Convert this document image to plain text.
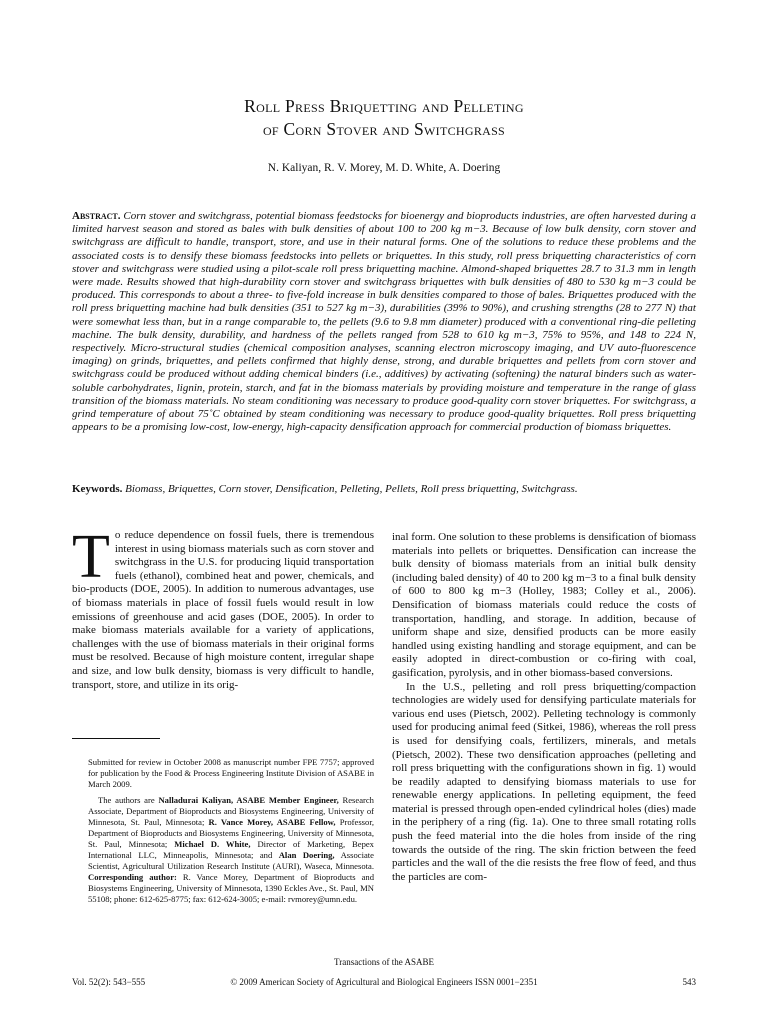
Roll Press Briquetting and Pelleting
of Corn Stover and Switchgrass
N. Kaliyan, R. V. Morey, M. D. White, A. Doering
Abstract. Corn stover and switchgrass, potential biomass feedstocks for bioenergy and bioproducts industries, are often harvested during a limited harvest season and stored as bales with bulk densities of about 100 to 200 kg m−3. Because of low bulk density, corn stover and switchgrass are difficult to handle, transport, store, and use in their natural forms. One of the solutions to reduce these problems and the associated costs is to densify these biomass feedstocks into pellets or briquettes. In this study, roll press briquetting characteristics of corn stover and switchgrass were studied using a pilot-scale roll press briquetting machine. Almond-shaped briquettes 28.7 to 31.3 mm in length were made. Results showed that high-durability corn stover and switchgrass briquettes with bulk densities of 480 to 530 kg m−3 could be produced. This corresponds to about a three- to five-fold increase in bulk densities compared to those of bales. Briquettes produced with the roll press briquetting machine had bulk densities (351 to 527 kg m−3), durabilities (39% to 90%), and crushing strengths (28 to 277 N) that were somewhat less than, but in a range comparable to, the pellets (9.6 to 9.8 mm diameter) produced with a conventional ring-die pelleting machine. The bulk density, durability, and hardness of the pellets ranged from 528 to 610 kg m−3, 75% to 95%, and 148 to 224 N, respectively. Micro-structural studies (chemical composition analyses, scanning electron microscopy imaging, and UV auto-fluorescence imaging) on grinds, briquettes, and pellets confirmed that highly dense, strong, and durable briquettes and pellets from corn stover and switchgrass could be produced without adding chemical binders (i.e., additives) by activating (softening) the natural binders such as water-soluble carbohydrates, lignin, protein, starch, and fat in the biomass materials by providing moisture and temperature in the range of glass transition of the biomass materials. No steam conditioning was necessary to produce good-quality corn stover briquettes. For switchgrass, a grind temperature of about 75˚C obtained by steam conditioning was necessary to produce good-quality briquettes. Roll press briquetting appears to be a promising low-cost, low-energy, high-capacity densification approach for commercial production of biomass briquettes.
Keywords. Biomass, Briquettes, Corn stover, Densification, Pelleting, Pellets, Roll press briquetting, Switchgrass.
T o reduce dependence on fossil fuels, there is tremendous interest in using biomass materials such as corn stover and switchgrass in the U.S. for producing liquid transportation fuels (ethanol), combined heat and power, chemicals, and bio-products (DOE, 2005). In addition to numerous advantages, use of biomass materials in place of fossil fuels would result in low emissions of greenhouse and acid gases (DOE, 2005). In order to make biomass materials available for a variety of applications, challenges with the use of biomass materials in their original forms must be resolved. Because of high moisture content, irregular shape and size, and low bulk density, biomass is very difficult to handle, transport, store, and utilize in its orig-

Submitted for review in October 2008 as manuscript number FPE 7757; approved for publication by the Food & Process Engineering Institute Division of ASABE in March 2009.
The authors are Nalladurai Kaliyan, ASABE Member Engineer, Research Associate, Department of Bioproducts and Biosystems Engineering, University of Minnesota, St. Paul, Minnesota; R. Vance Morey, ASABE Fellow, Professor, Department of Bioproducts and Biosystems Engineering, University of Minnesota, St. Paul, Minnesota; Michael D. White, Director of Marketing, Bepex International LLC, Minneapolis, Minnesota; and Alan Doering, Associate Scientist, Agricultural Utilization Research Institute (AURI), Waseca, Minnesota. Corresponding author: R. Vance Morey, Department of Bioproducts and Biosystems Engineering, University of Minnesota, 1390 Eckles Ave., St. Paul, MN 55108; phone: 612-625-8775; fax: 612-624-3005; e-mail: rvmorey@umn.edu.

inal form. One solution to these problems is densification of biomass materials into pellets or briquettes. Densification can increase the bulk density of biomass materials from an initial bulk density (including baled density) of 40 to 200 kg m−3 to a final bulk density of 600 to 800 kg m−3 (Holley, 1983; Colley et al., 2006). Densification of biomass materials could reduce the costs of transportation, handling, and storage. In addition, because of uniform shape and size, densified products can be more easily handled using existing handling and storage equipment, and can be easily adopted in direct-combustion or co-firing with coal, gasification, pyrolysis, and in other biomass-based conversions.

In the U.S., pelleting and roll press briquetting/compaction technologies are widely used for densifying particulate materials for various end uses (Pietsch, 2002). Pelleting technology is commonly used for producing animal feed (Sitkei, 1986), whereas the roll press is used for densifying coals, fertilizers, minerals, and metals (Pietsch, 2002). These two densification approaches (pelleting and roll press briquetting with the configurations shown in fig. 1) would be readily adapted to densifying biomass materials to use for renewable energy applications. In pelleting equipment, the feed material is pressed through open-ended cylindrical holes (dies) made in the periphery of a ring (fig. 1a). One to three small rotating rolls push the feed material into the die holes from inside of the ring towards the outside of the ring. The skin friction between the feed particles and the wall of the die resists the free flow of feed, and thus the particles are com-

Transactions of the ASABE
Vol. 52(2): 543−555	© 2009 American Society of Agricultural and Biological Engineers ISSN 0001−2351	543
